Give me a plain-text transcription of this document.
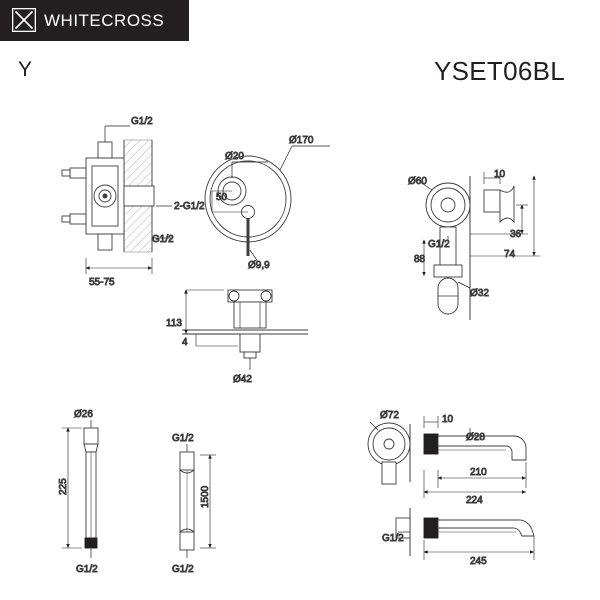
WHITECROSS
Y	YSET06BL
G1/2
2-G1/2
G1/2
55-75
Ø170
Ø20
50
Ø9,9
113
4
Ø42
Ø60
10
36
74
G1/2
88
Ø32
Ø26
225
G1/2
G1/2
1500
G1/2
Ø72	10
Ø28
210
224
G1/2
245
